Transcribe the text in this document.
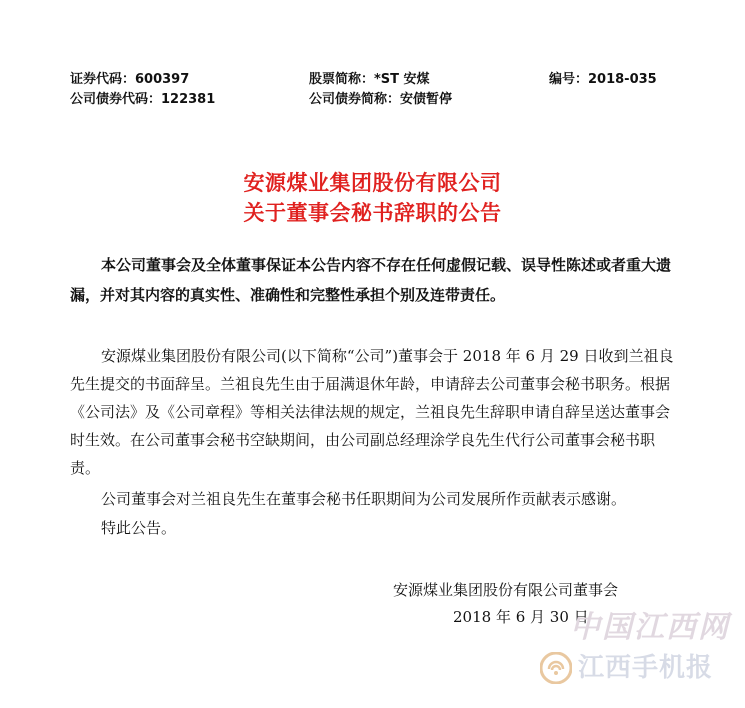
证券代码：600397	股票简称：*ST 安煤	编号：2018-035
公司债券代码：122381	公司债券简称：安债暂停
安源煤业集团股份有限公司
关于董事会秘书辞职的公告

本公司董事会及全体董事保证本公告内容不存在任何虚假记载、误导性陈述或者重大遗漏，并对其内容的真实性、准确性和完整性承担个别及连带责任。

安源煤业集团股份有限公司(以下简称“公司”)董事会于 2018 年 6 月 29 日收到兰祖良先生提交的书面辞呈。兰祖良先生由于届满退休年龄，申请辞去公司董事会秘书职务。根据《公司法》及《公司章程》等相关法律法规的规定，兰祖良先生辞职申请自辞呈送达董事会时生效。在公司董事会秘书空缺期间，由公司副总经理涂学良先生代行公司董事会秘书职责。

公司董事会对兰祖良先生在董事会秘书任职期间为公司发展所作贡献表示感谢。

特此公告。

安源煤业集团股份有限公司董事会
2018 年 6 月 30 日
中国江西网
江西手机报
